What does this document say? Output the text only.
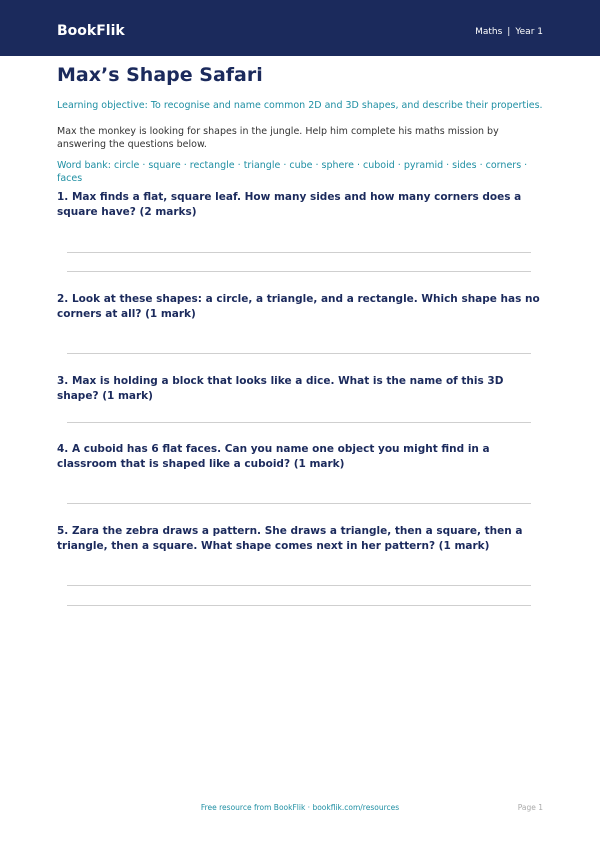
BookFlik	Maths | Year 1
Max’s Shape Safari

Learning objective: To recognise and name common 2D and 3D shapes, and describe their properties.

Max the monkey is looking for shapes in the jungle. Help him complete his maths mission by answering the questions below.

Word bank: circle · square · rectangle · triangle · cube · sphere · cuboid · pyramid · sides · corners · faces

1. Max finds a flat, square leaf. How many sides and how many corners does a square have? (2 marks)

2. Look at these shapes: a circle, a triangle, and a rectangle. Which shape has no corners at all? (1 mark)

3. Max is holding a block that looks like a dice. What is the name of this 3D shape? (1 mark)

4. A cuboid has 6 flat faces. Can you name one object you might find in a classroom that is shaped like a cuboid? (1 mark)

5. Zara the zebra draws a pattern. She draws a triangle, then a square, then a triangle, then a square. What shape comes next in her pattern? (1 mark)

Free resource from BookFlik · bookflik.com/resources	Page 1
